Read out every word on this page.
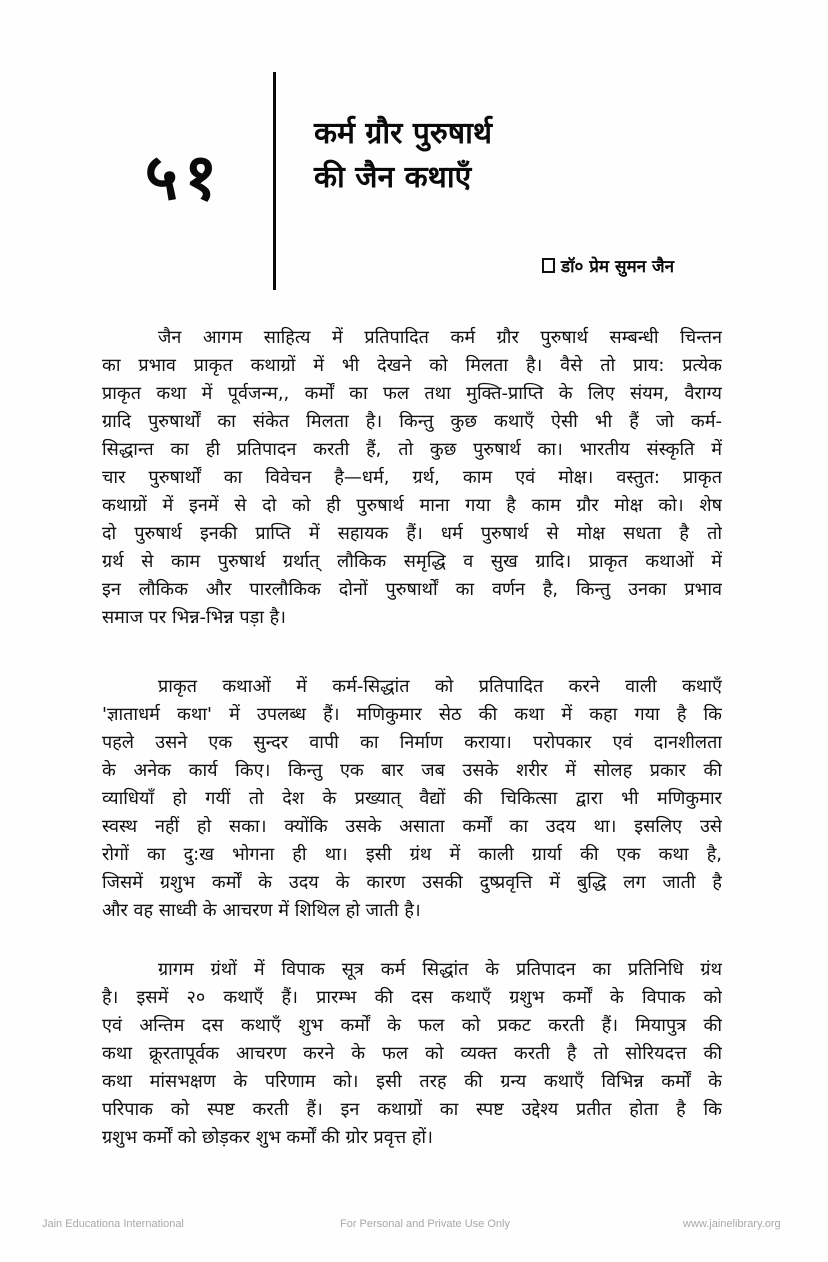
५१
कर्म ग्रौर पुरुषार्थ
की जैन कथाएँ
डॉ० प्रेम सुमन जैन
जैन आगम साहित्य में प्रतिपादित कर्म ग्रौर पुरुषार्थ सम्बन्धी चिन्तन
का प्रभाव प्राकृत कथाग्रों में भी देखने को मिलता है। वैसे तो प्राय: प्रत्येक
प्राकृत कथा में पूर्वजन्म,, कर्मों का फल तथा मुक्ति-प्राप्ति के लिए संयम, वैराग्य
ग्रादि पुरुषार्थों का संकेत मिलता है। किन्तु कुछ कथाएँ ऐसी भी हैं जो कर्म-
सिद्धान्त का ही प्रतिपादन करती हैं, तो कुछ पुरुषार्थ का। भारतीय संस्कृति में
चार पुरुषार्थों का विवेचन है—धर्म, ग्रर्थ, काम एवं मोक्ष। वस्तुत: प्राकृत
कथाग्रों में इनमें से दो को ही पुरुषार्थ माना गया है काम ग्रौर मोक्ष को। शेष
दो पुरुषार्थ इनकी प्राप्ति में सहायक हैं। धर्म पुरुषार्थ से मोक्ष सधता है तो
ग्रर्थ से काम पुरुषार्थ ग्रर्थात् लौकिक समृद्धि व सुख ग्रादि। प्राकृत कथाओं में
इन लौकिक और पारलौकिक दोनों पुरुषार्थों का वर्णन है, किन्तु उनका प्रभाव
समाज पर भिन्न-भिन्न पड़ा है।
प्राकृत कथाओं में कर्म-सिद्धांत को प्रतिपादित करने वाली कथाएँ
'ज्ञाताधर्म कथा' में उपलब्ध हैं। मणिकुमार सेठ की कथा में कहा गया है कि
पहले उसने एक सुन्दर वापी का निर्माण कराया। परोपकार एवं दानशीलता
के अनेक कार्य किए। किन्तु एक बार जब उसके शरीर में सोलह प्रकार की
व्याधियाँ हो गयीं तो देश के प्रख्यात् वैद्यों की चिकित्सा द्वारा भी मणिकुमार
स्वस्थ नहीं हो सका। क्योंकि उसके असाता कर्मों का उदय था। इसलिए उसे
रोगों का दु:ख भोगना ही था। इसी ग्रंथ में काली ग्रार्या की एक कथा है,
जिसमें ग्रशुभ कर्मों के उदय के कारण उसकी दुष्प्रवृत्ति में बुद्धि लग जाती है
और वह साध्वी के आचरण में शिथिल हो जाती है।
ग्रागम ग्रंथों में विपाक सूत्र कर्म सिद्धांत के प्रतिपादन का प्रतिनिधि ग्रंथ
है। इसमें २० कथाएँ हैं। प्रारम्भ की दस कथाएँ ग्रशुभ कर्मों के विपाक को
एवं अन्तिम दस कथाएँ शुभ कर्मों के फल को प्रकट करती हैं। मियापुत्र की
कथा क्रूरतापूर्वक आचरण करने के फल को व्यक्त करती है तो सोरियदत्त की
कथा मांसभक्षण के परिणाम को। इसी तरह की ग्रन्य कथाएँ विभिन्न कर्मों के
परिपाक को स्पष्ट करती हैं। इन कथाग्रों का स्पष्ट उद्देश्य प्रतीत होता है कि
ग्रशुभ कर्मों को छोड़कर शुभ कर्मों की ग्रोर प्रवृत्त हों।
Jain Educationa International	For Personal and Private Use Only	www.jainelibrary.org
